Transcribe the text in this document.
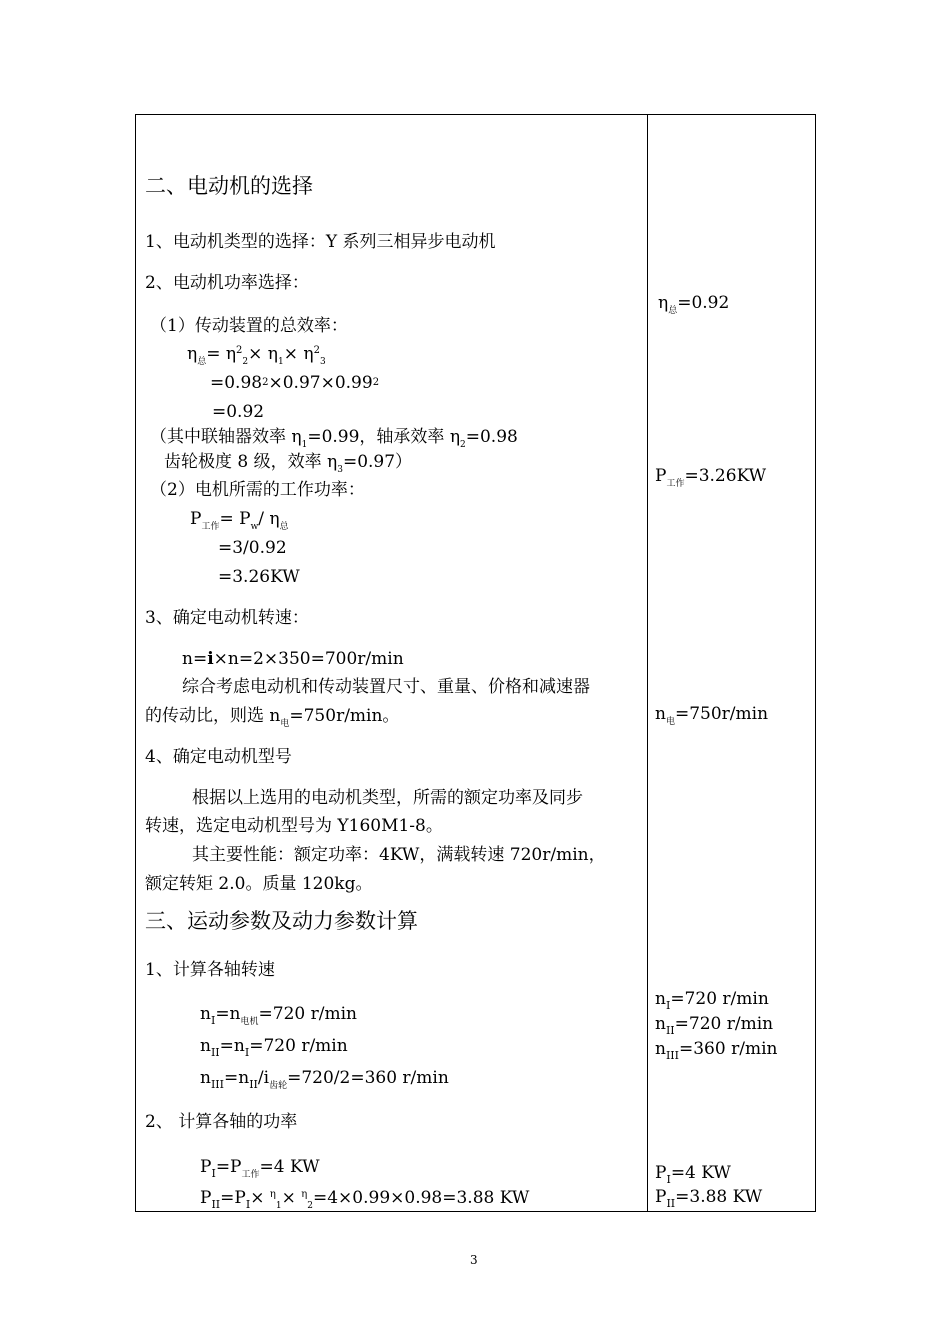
二、电动机的选择
1、电动机类型的选择：Y 系列三相异步电动机
2、电动机功率选择：
（1）传动装置的总效率：
$\eta_总= \eta^2_2\times \eta_1\times \eta^2_3$
=0.982×0.97×0.992
=0.92
（其中联轴器效率 $\eta_1=0.99$，轴承效率 $\eta_2=0.98$
齿轮极度 8 级，效率 $\eta_3=0.97$）
（2）电机所需的工作功率：
$P_{工作}= P_w/$ $\eta_总$
=3/0.92
=3.26KW
3、确定电动机转速：
n=i×n=2×350=700r/min
综合考虑电动机和传动装置尺寸、重量、价格和减速器
的传动比，则选 $n_电=750r/\min$。
4、确定电动机型号
根据以上选用的电动机类型，所需的额定功率及同步
转速，选定电动机型号为 Y160M1-8。
其主要性能：额定功率：4KW，满载转速 720r/min，
额定转矩 2.0。质量 120kg。
三、运动参数及动力参数计算
1、计算各轴转速
$n_I=n_{电机}=720$ r/min
$n_{II}=n_I=720$ r/min
$n_{III}=n_{II}/i_{齿轮}=720/2=360$ r/min
2、 计算各轴的功率
$P_I=P_{工作}=4$ KW
$P_{II}=P_I\times ^\eta_1\times ^\eta_2=4\times 0.99\times 0.98=3.88$ KW
$\eta_总=0.92$
$P_{工作}=3.26KW$
$n_电=750r/\min$
$n_I=720$ r/min
$n_{II}=720$ r/min
$n_{III}=360$ r/min
$P_I=4$ KW
$P_{II}=3.88$ KW
3
